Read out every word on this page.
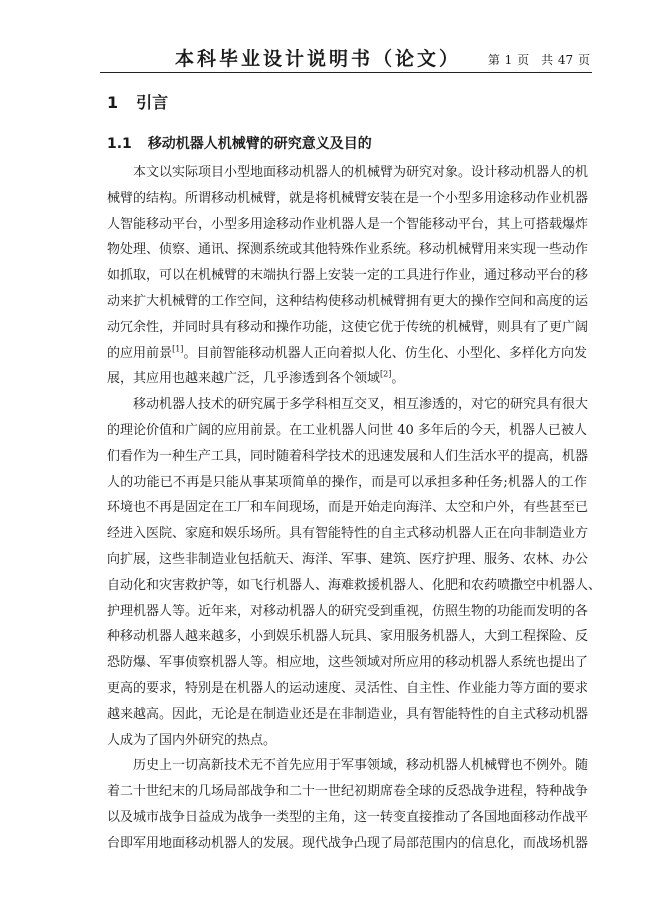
本科毕业设计说明书（论文） 第 1 页　共 47 页
1 引言
1.1 移动机器人机械臂的研究意义及目的
本文以实际项目小型地面移动机器人的机械臂为研究对象。设计移动机器人的机
械臂的结构。所谓移动机械臂，就是将机械臂安装在是一个小型多用途移动作业机器
人智能移动平台，小型多用途移动作业机器人是一个智能移动平台，其上可搭载爆炸
物处理、侦察、通讯、探测系统或其他特殊作业系统。移动机械臂用来实现一些动作
如抓取，可以在机械臂的末端执行器上安装一定的工具进行作业，通过移动平台的移
动来扩大机械臂的工作空间，这种结构使移动机械臂拥有更大的操作空间和高度的运
动冗余性，并同时具有移动和操作功能，这使它优于传统的机械臂，则具有了更广阔
的应用前景[1]。目前智能移动机器人正向着拟人化、仿生化、小型化、多样化方向发
展，其应用也越来越广泛，几乎渗透到各个领域[2]。
移动机器人技术的研究属于多学科相互交叉，相互渗透的，对它的研究具有很大
的理论价值和广阔的应用前景。在工业机器人问世 40 多年后的今天，机器人已被人
们看作为一种生产工具，同时随着科学技术的迅速发展和人们生活水平的提高，机器
人的功能已不再是只能从事某项简单的操作，而是可以承担多种任务;机器人的工作
环境也不再是固定在工厂和车间现场，而是开始走向海洋、太空和户外，有些甚至已
经进入医院、家庭和娱乐场所。具有智能特性的自主式移动机器人正在向非制造业方
向扩展，这些非制造业包括航天、海洋、军事、建筑、医疗护理、服务、农林、办公
自动化和灾害救护等，如飞行机器人、海难救援机器人、化肥和农药喷撒空中机器人、
护理机器人等。近年来，对移动机器人的研究受到重视，仿照生物的功能而发明的各
种移动机器人越来越多，小到娱乐机器人玩具、家用服务机器人，大到工程探险、反
恐防爆、军事侦察机器人等。相应地，这些领域对所应用的移动机器人系统也提出了
更高的要求，特别是在机器人的运动速度、灵活性、自主性、作业能力等方面的要求
越来越高。因此，无论是在制造业还是在非制造业，具有智能特性的自主式移动机器
人成为了国内外研究的热点。
历史上一切高新技术无不首先应用于军事领域，移动机器人机械臂也不例外。随
着二十世纪末的几场局部战争和二十一世纪初期席卷全球的反恐战争进程，特种战争
以及城市战争日益成为战争一类型的主角，这一转变直接推动了各国地面移动作战平
台即军用地面移动机器人的发展。现代战争凸现了局部范围内的信息化，而战场机器
